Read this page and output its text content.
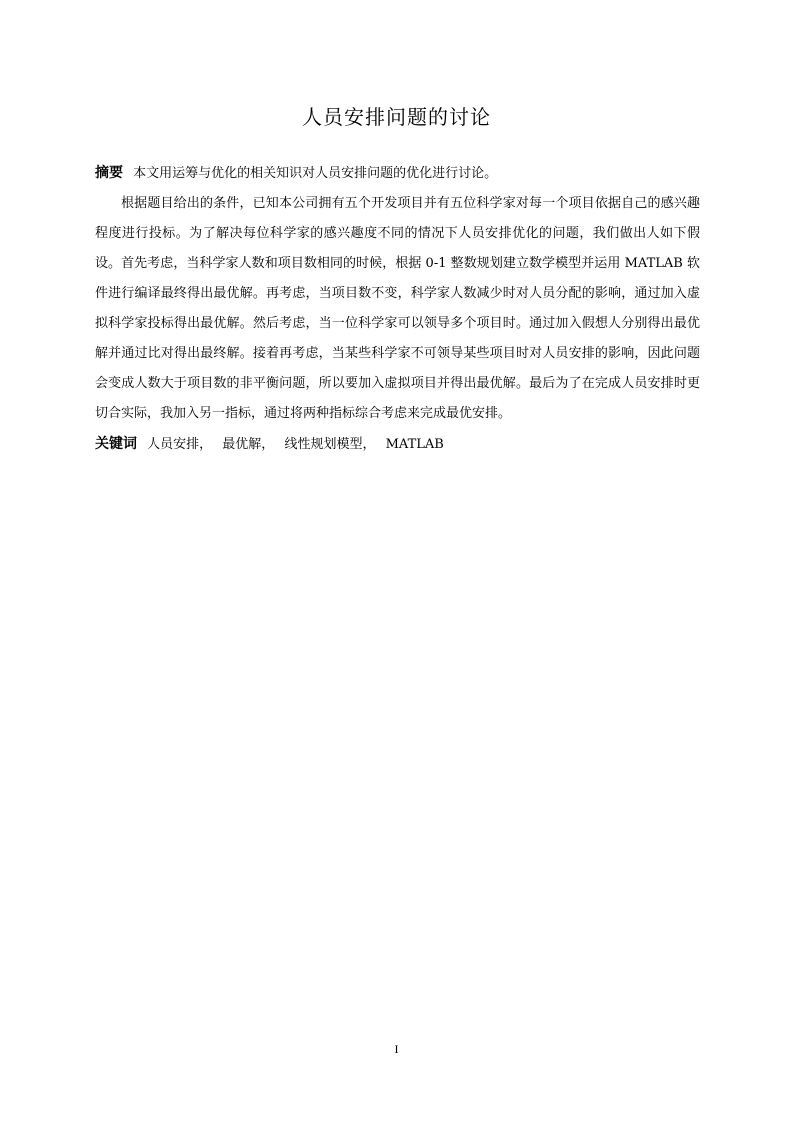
人员安排问题的讨论

摘要 本文用运筹与优化的相关知识对人员安排问题的优化进行讨论。

根据题目给出的条件，已知本公司拥有五个开发项目并有五位科学家对每一个项目依据自己的感兴趣程度进行投标。为了解决每位科学家的感兴趣度不同的情况下人员安排优化的问题，我们做出人如下假设。首先考虑，当科学家人数和项目数相同的时候，根据 0-1 整数规划建立数学模型并运用 MATLAB 软件进行编译最终得出最优解。再考虑，当项目数不变，科学家人数减少时对人员分配的影响，通过加入虚拟科学家投标得出最优解。然后考虑，当一位科学家可以领导多个项目时。通过加入假想人分别得出最优解并通过比对得出最终解。接着再考虑，当某些科学家不可领导某些项目时对人员安排的影响，因此问题会变成人数大于项目数的非平衡问题，所以要加入虚拟项目并得出最优解。最后为了在完成人员安排时更切合实际，我加入另一指标，通过将两种指标综合考虑来完成最优安排。

关键词 人员安排， 最优解， 线性规划模型， MATLAB

I
